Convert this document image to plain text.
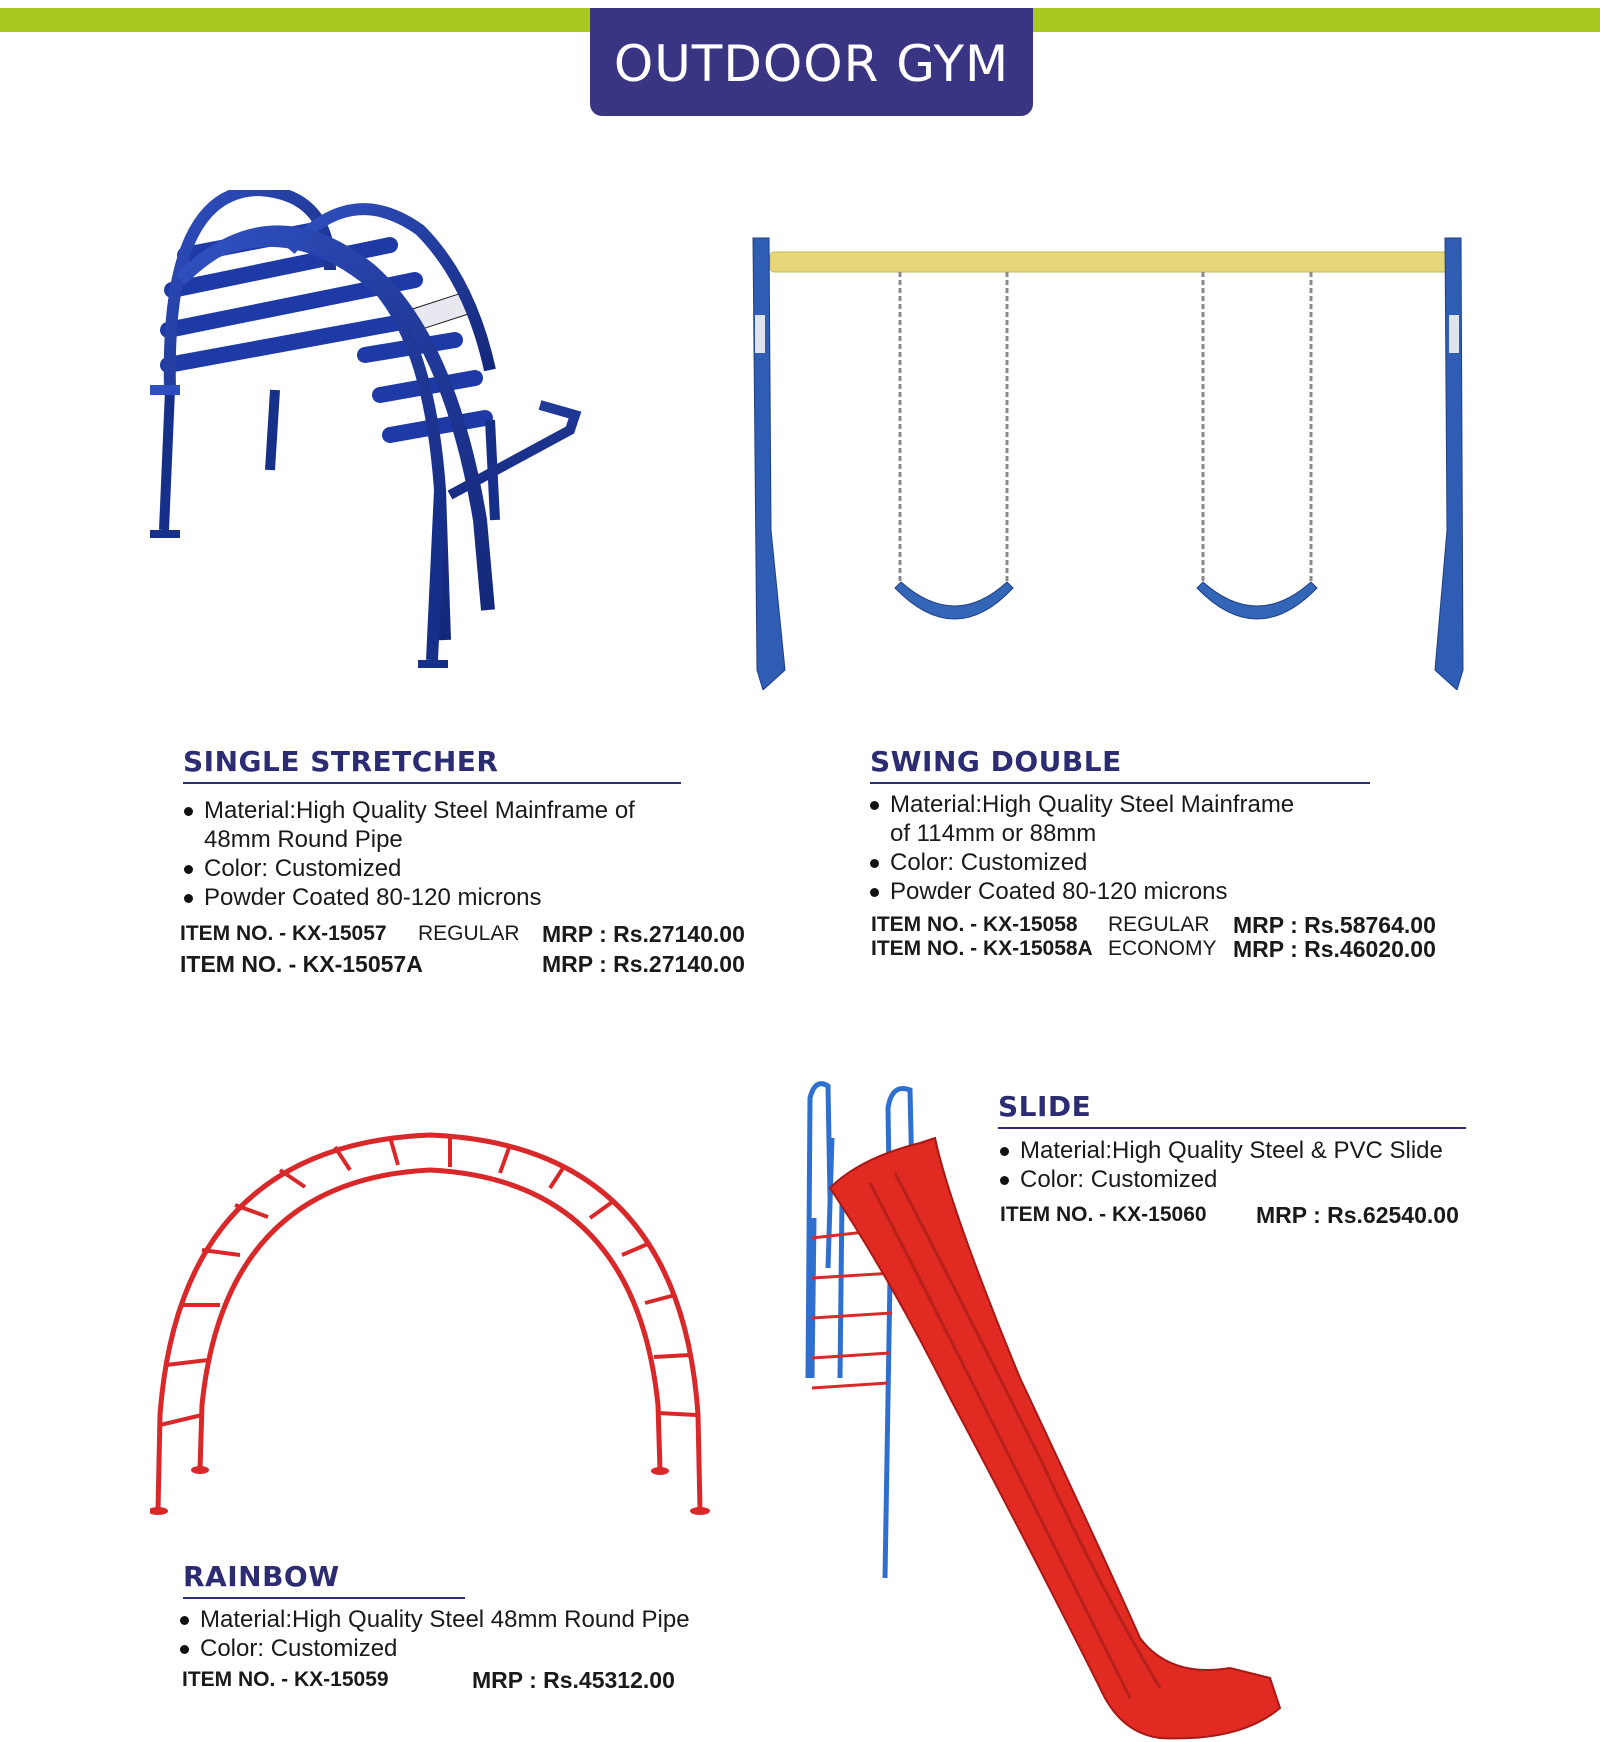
OUTDOOR GYM
SINGLE STRETCHER
Material:High Quality Steel Mainframe of
48mm Round Pipe
Color: Customized
Powder Coated 80-120 microns
ITEM NO. - KX-15057 REGULAR MRP : Rs.27140.00
ITEM NO. - KX-15057A	MRP : Rs.27140.00
SWING DOUBLE
Material:High Quality Steel Mainframe
of 114mm or 88mm
Color: Customized
Powder Coated 80-120 microns
ITEM NO. - KX-15058 REGULAR MRP : Rs.58764.00
ITEM NO. - KX-15058A ECONOMY MRP : Rs.46020.00
RAINBOW
Material:High Quality Steel 48mm Round Pipe
Color: Customized
ITEM NO. - KX-15059	MRP : Rs.45312.00
SLIDE
Material:High Quality Steel & PVC Slide
Color: Customized
ITEM NO. - KX-15060 MRP : Rs.62540.00
